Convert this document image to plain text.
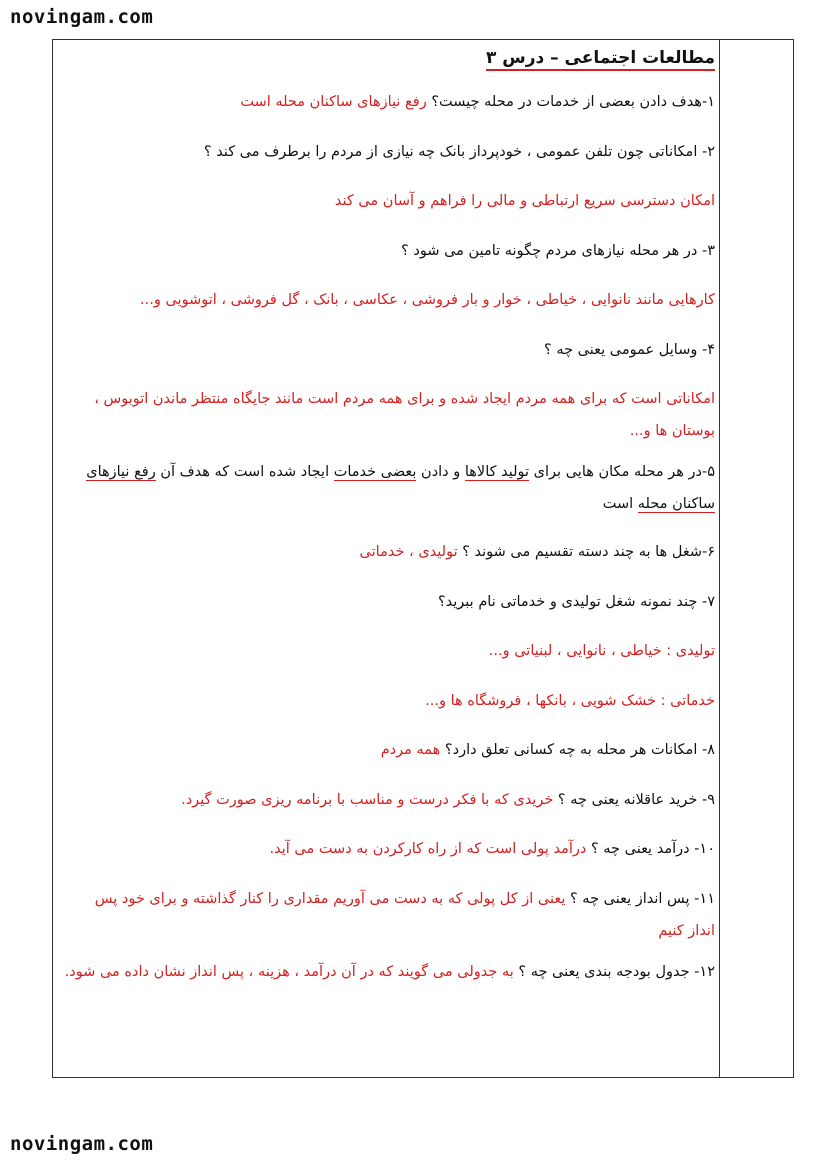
novingam.com
مطالعات اجتماعی – درس ۳
۱-هدف دادن بعضی از خدمات در محله چیست؟ رفع نیازهای ساکنان محله است
۲- امکاناتی چون تلفن عمومی ، خودپرداز بانک چه نیازی از مردم را برطرف می کند ؟
امکان دسترسی سریع ارتباطی و مالی را فراهم و آسان می کند
۳- در هر محله نیازهای مردم چگونه تامین می شود ؟
کارهایی مانند نانوایی ، خیاطی ، خوار و بار فروشی ، عکاسی ، بانک ، گل فروشی ، اتوشویی و...
۴- وسایل عمومی یعنی چه ؟
امکاناتی است که برای همه مردم ایجاد شده و برای همه مردم است مانند جایگاه منتظر ماندن اتوبوس ، بوستان ها و...
۵-در هر محله مکان هایی برای تولید کالاها و دادن بعضی خدمات ایجاد شده است که هدف آن رفع نیازهای ساکنان محله است
۶-شغل ها به چند دسته تقسیم می شوند ؟ تولیدی ، خدماتی
۷- چند نمونه شغل تولیدی و خدماتی نام ببرید؟
تولیدی : خیاطی ، نانوایی ، لبنیاتی و...
خدماتی : خشک شویی ، بانکها ، فروشگاه ها و...
۸- امکانات هر محله به چه کسانی تعلق دارد؟ همه مردم
۹- خرید عاقلانه یعنی چه ؟ خریدی که با فکر درست و مناسب با برنامه ریزی صورت گیرد.
۱۰- درآمد یعنی چه ؟ درآمد پولی است که از راه کارکردن به دست می آید.
۱۱- پس انداز یعنی چه ؟ یعنی از کل پولی که به دست می آوریم مقداری را کنار گذاشته و برای خود پس انداز کنیم
۱۲- جدول بودجه بندی یعنی چه ؟ به جدولی می گویند که در آن درآمد ، هزینه ، پس انداز نشان داده می شود.
novingam.com
